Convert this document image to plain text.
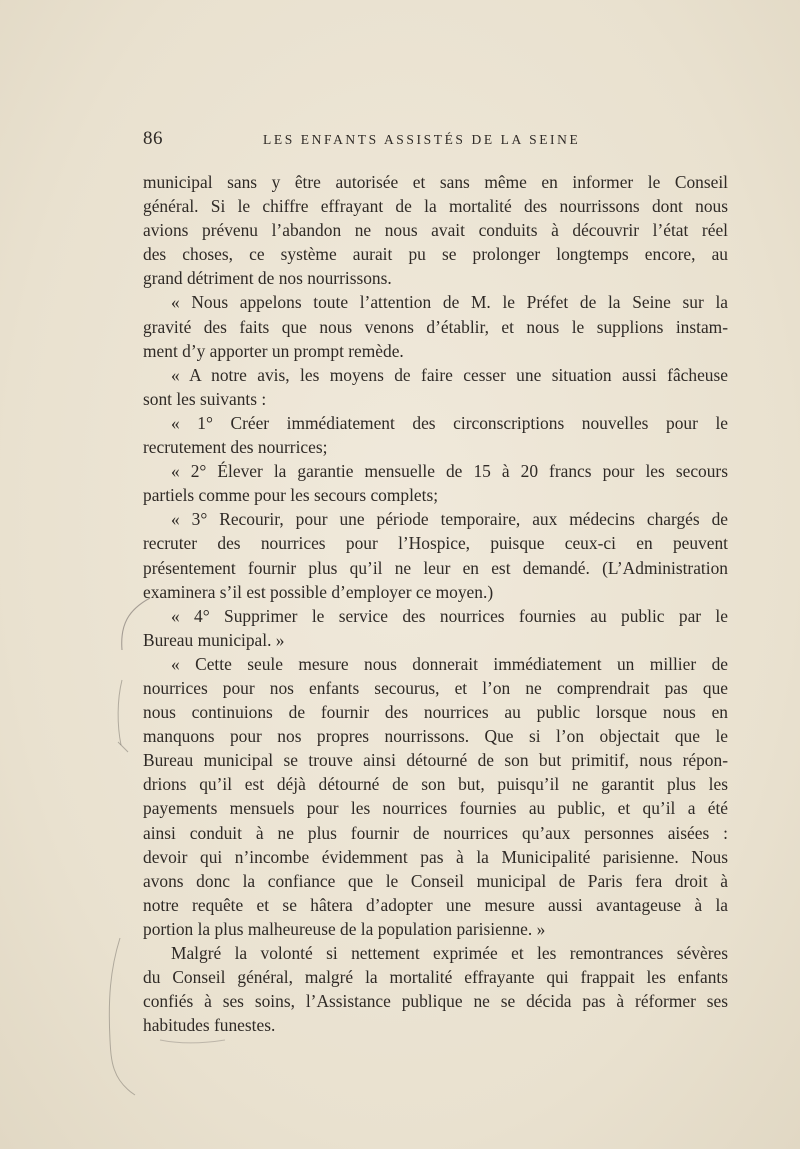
86	LES ENFANTS ASSISTÉS DE LA SEINE
municipal sans y être autorisée et sans même en informer le Conseil
général. Si le chiffre effrayant de la mortalité des nourrissons dont nous
avions prévenu l’abandon ne nous avait conduits à découvrir l’état réel
des choses, ce système aurait pu se prolonger longtemps encore, au
grand détriment de nos nourrissons.
« Nous appelons toute l’attention de M. le Préfet de la Seine sur la
gravité des faits que nous venons d’établir, et nous le supplions instam-
ment d’y apporter un prompt remède.
« A notre avis, les moyens de faire cesser une situation aussi fâcheuse
sont les suivants :
« 1° Créer immédiatement des circonscriptions nouvelles pour le
recrutement des nourrices;
« 2° Élever la garantie mensuelle de 15 à 20 francs pour les secours
partiels comme pour les secours complets;
« 3° Recourir, pour une période temporaire, aux médecins chargés de
recruter des nourrices pour l’Hospice, puisque ceux-ci en peuvent
présentement fournir plus qu’il ne leur en est demandé. (L’Administration
examinera s’il est possible d’employer ce moyen.)
« 4° Supprimer le service des nourrices fournies au public par le
Bureau municipal. »
« Cette seule mesure nous donnerait immédiatement un millier de
nourrices pour nos enfants secourus, et l’on ne comprendrait pas que
nous continuions de fournir des nourrices au public lorsque nous en
manquons pour nos propres nourrissons. Que si l’on objectait que le
Bureau municipal se trouve ainsi détourné de son but primitif, nous répon-
drions qu’il est déjà détourné de son but, puisqu’il ne garantit plus les
payements mensuels pour les nourrices fournies au public, et qu’il a été
ainsi conduit à ne plus fournir de nourrices qu’aux personnes aisées :
devoir qui n’incombe évidemment pas à la Municipalité parisienne. Nous
avons donc la confiance que le Conseil municipal de Paris fera droit à
notre requête et se hâtera d’adopter une mesure aussi avantageuse à la
portion la plus malheureuse de la population parisienne. »
Malgré la volonté si nettement exprimée et les remontrances sévères
du Conseil général, malgré la mortalité effrayante qui frappait les enfants
confiés à ses soins, l’Assistance publique ne se décida pas à réformer ses
habitudes funestes.
